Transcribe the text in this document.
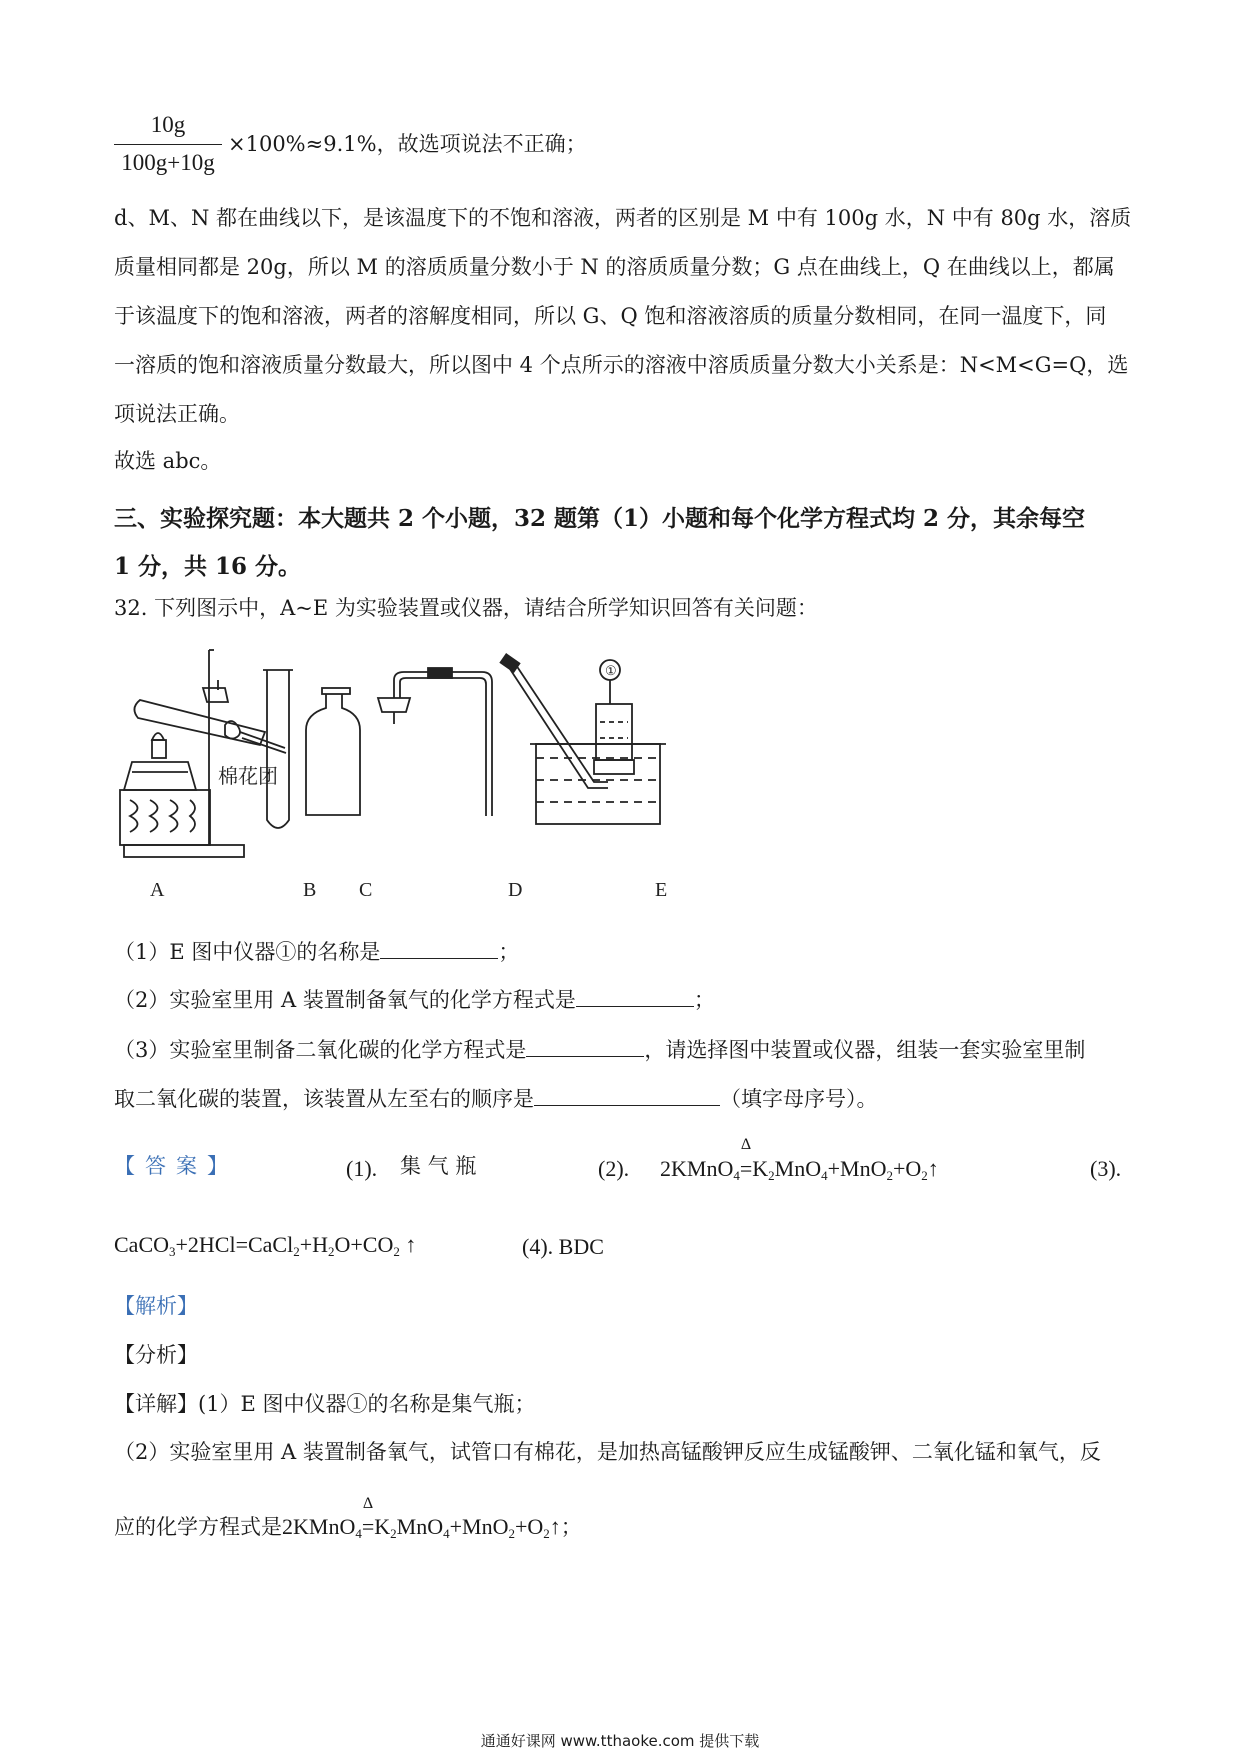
$\frac{10g}{100g+10g} \times 100\%\approx 9.1\%$，故选项说法不正确；
d、M、N 都在曲线以下，是该温度下的不饱和溶液，两者的区别是 M 中有 100g 水，N 中有 80g 水，溶质
质量相同都是 20g，所以 M 的溶质质量分数小于 N 的溶质质量分数；G 点在曲线上，Q 在曲线以上，都属
于该温度下的饱和溶液，两者的溶解度相同，所以 G、Q 饱和溶液溶质的质量分数相同，在同一温度下，同
一溶质的饱和溶液质量分数最大，所以图中 4 个点所示的溶液中溶质质量分数大小关系是：N<M<G=Q，选
项说法正确。
故选 abc。
三、实验探究题：本大题共 2 个小题，32 题第（1）小题和每个化学方程式均 2 分，其余每空
1 分，共 16 分。
32. 下列图示中，A~E 为实验装置或仪器，请结合所学知识回答有关问题：
棉花团
①
A	B C	D	E
（1）E 图中仪器①的名称是	；
（2）实验室里用 A 装置制备氧气的化学方程式是	；
（3）实验室里制备二氧化碳的化学方程式是	，请选择图中装置或仪器，组装一套实验室里制
取二氧化碳的装置，该装置从左至右的顺序是	（填字母序号）。
【答案】	(1). 集 气 瓶	(2). 2KMnO$_4$
Δ
$=K_2MnO_4+MnO_2+O_2↑$	(3).
$CaCO_3+2HCl=CaCl_2+H_2O+CO_2$ ↑	(4). BDC
【解析】
【分析】
【详解】(1）E 图中仪器①的名称是集气瓶；
（2）实验室里用 A 装置制备氧气，试管口有棉花，是加热高锰酸钾反应生成锰酸钾、二氧化锰和氧气，反
应的化学方程式是2KMnO$_4$
Δ
$=K_2MnO_4+MnO_2+O_2↑$；
通通好课网 www.tthaoke.com 提供下载
